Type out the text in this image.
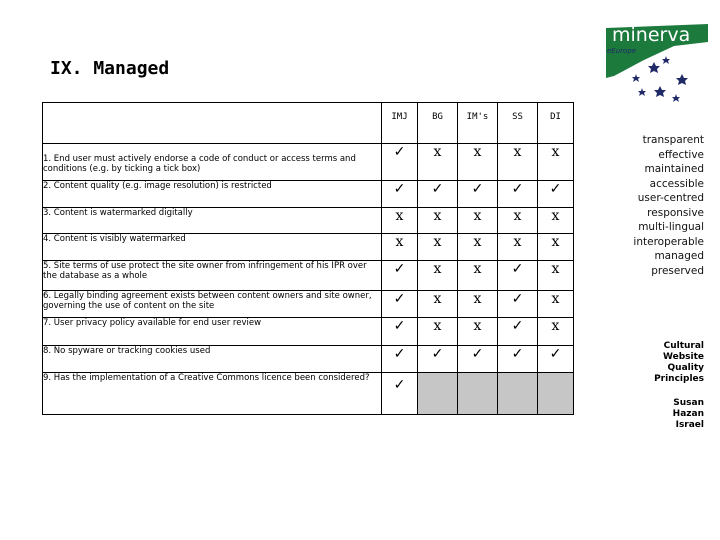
IX. Managed
minerva
eEurope
	IMJ	BG	IM's	SS	DI
1. End user must actively endorse a code of conduct or access terms and conditions (e.g. by ticking a tick box)	✓	x	x	x	x
2. Content quality (e.g. image resolution) is restricted	✓	✓	✓	✓	✓
3. Content is watermarked digitally	x	x	x	x	x
4. Content is visibly watermarked	x	x	x	x	x
5. Site terms of use protect the site owner from infringement of his IPR over the database as a whole	✓	x	x	✓	x
6. Legally binding agreement exists between content owners and site owner, governing the use of content on the site	✓	x	x	✓	x
7. User privacy policy available for end user review	✓	x	x	✓	x
8. No spyware or tracking cookies used	✓	✓	✓	✓	✓
9. Has the implementation of a Creative Commons licence been considered?	✓				
transparent
effective
maintained
accessible
user-centred
responsive
multi-lingual
interoperable
managed
preserved
Cultural
Website
Quality
Principles
Susan
Hazan
Israel
